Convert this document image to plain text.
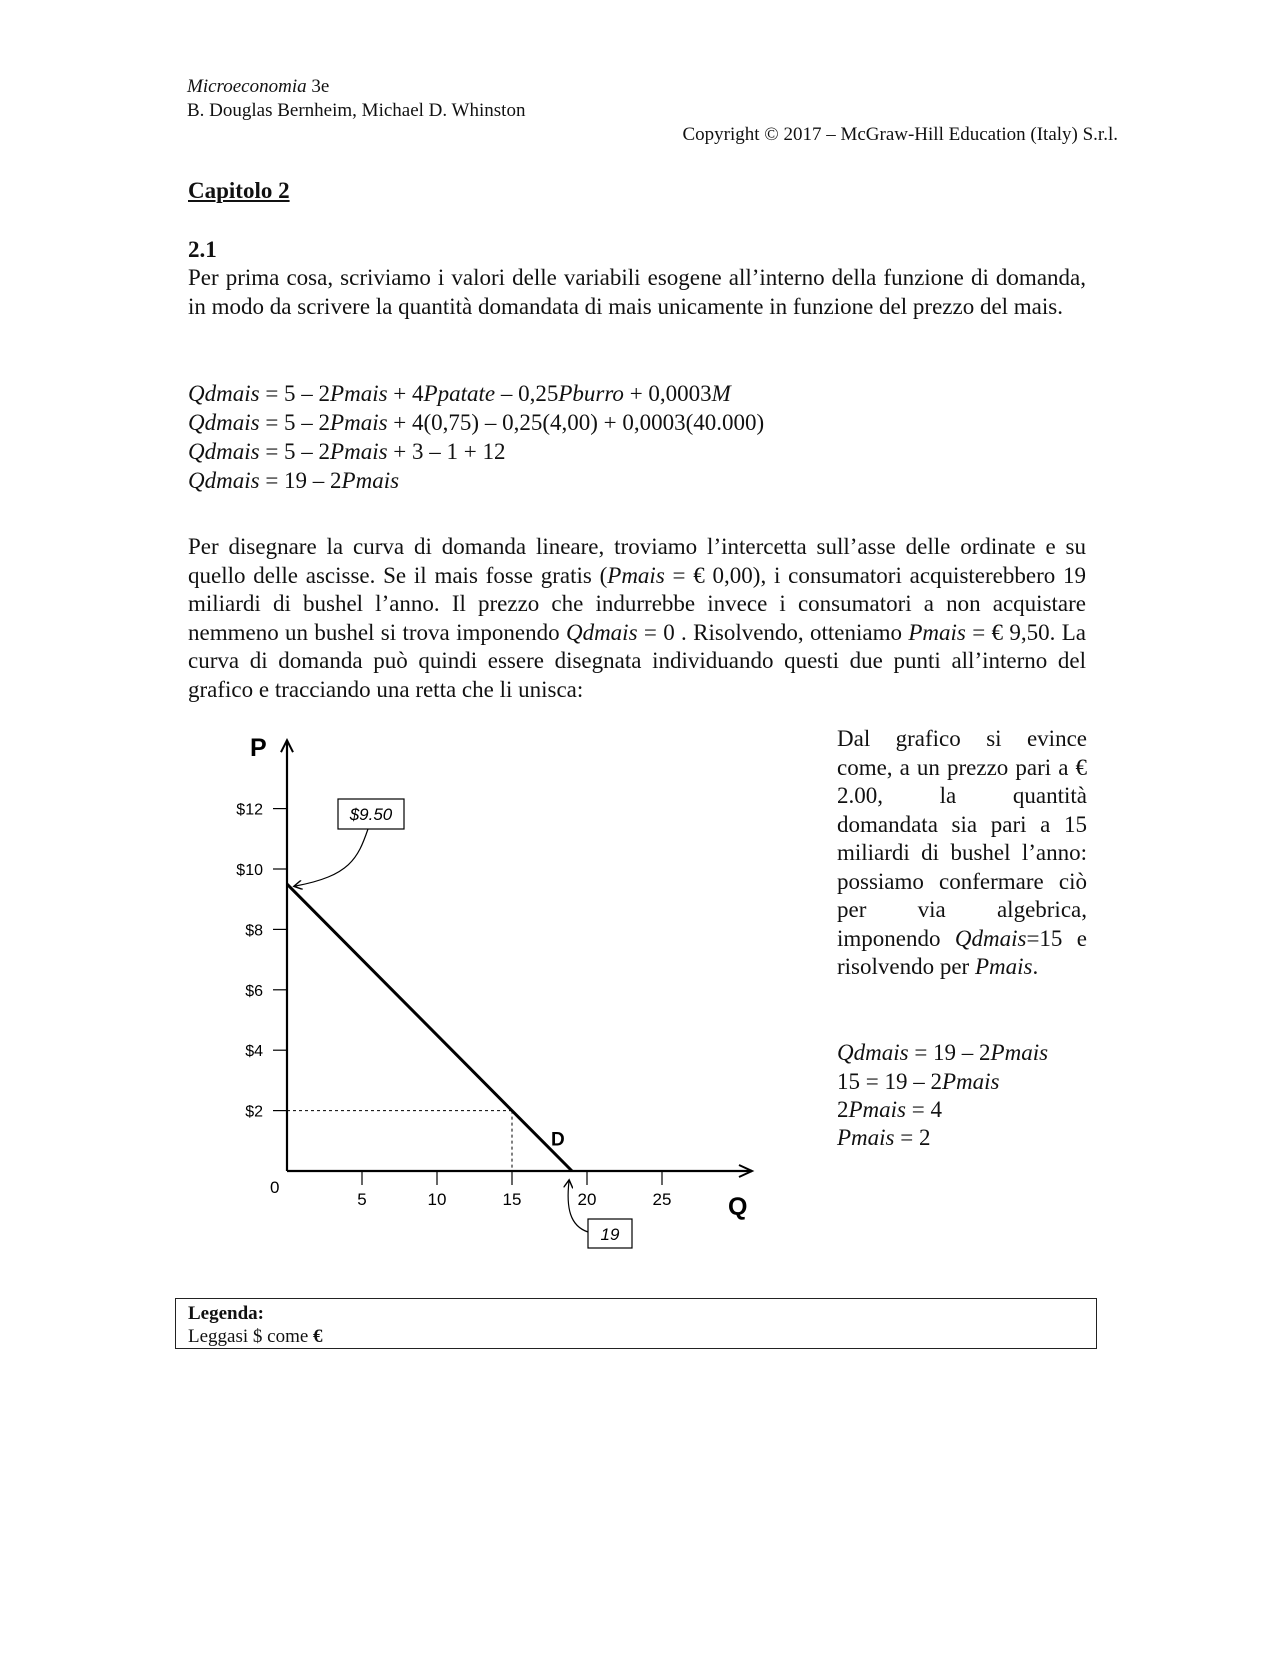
Microeconomia 3e
B. Douglas Bernheim, Michael D. Whinston
Copyright © 2017 – McGraw-Hill Education (Italy) S.r.l.
Capitolo 2
2.1

Per prima cosa, scriviamo i valori delle variabili esogene all’interno della funzione di domanda, in modo da scrivere la quantità domandata di mais unicamente in funzione del prezzo del mais.

Qdmais = 5 – 2Pmais + 4Ppatate – 0,25Pburro + 0,0003M
Qdmais = 5 – 2Pmais + 4(0,75) – 0,25(4,00) + 0,0003(40.000)
Qdmais = 5 – 2Pmais + 3 – 1 + 12
Qdmais = 19 – 2Pmais

Per disegnare la curva di domanda lineare, troviamo l’intercetta sull’asse delle ordinate e su quello delle ascisse. Se il mais fosse gratis (Pmais = € 0,00), i consumatori acquisterebbero 19 miliardi di bushel l’anno. Il prezzo che indurrebbe invece i consumatori a non acquistare nemmeno un bushel si trova imponendo Qdmais = 0 . Risolvendo, otteniamo Pmais = € 9,50. La curva di domanda può quindi essere disegnata individuando questi due punti all’interno del grafico e tracciando una retta che li unisca:

P
Q
0
$2
$4
$6
$8
$10
$12
5	10	15	20	25
D
$9.50
19

Dal grafico si evince come, a un prezzo pari a € 2.00, la quantità domandata sia pari a 15 miliardi di bushel l’anno: possiamo confermare ciò per via algebrica, imponendo Qdmais=15 e risolvendo per Pmais.

Qdmais = 19 – 2Pmais
15 = 19 – 2Pmais
2Pmais = 4
Pmais = 2
Legenda:
Leggasi $ come €
